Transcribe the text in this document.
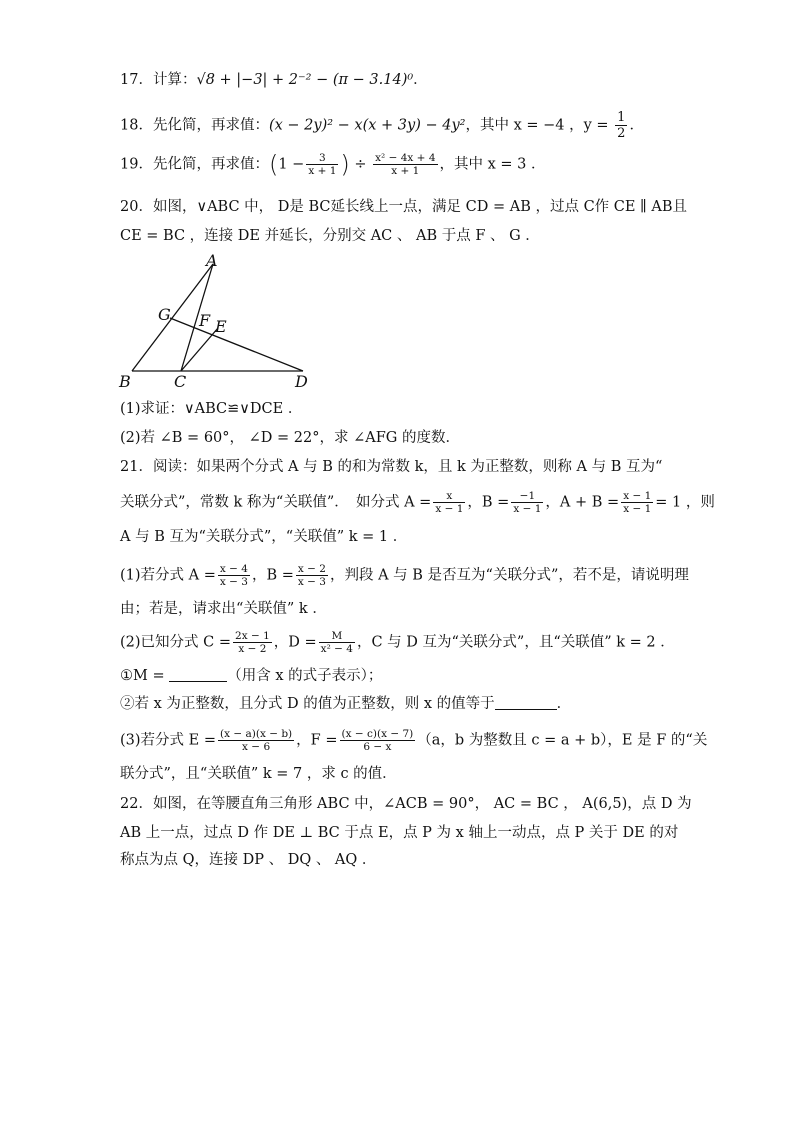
17．计算：√8 + |−3| + 2⁻² − (π − 3.14)⁰．
18．先化简，再求值：(x − 2y)² − x(x + 3y) − 4y²，其中 x = −4 ，$y = \frac{1}{2}$ ．
19．先化简，再求值：($1 - \frac{3}{x + 1}$ ) ÷ $\frac{\text{x² − 4x + 4}}{x + 1}$ ，其中 x = 3 ．
20．如图，∨ABC 中， D是 BC延长线上一点，满足 CD = AB ，过点 C作 CE ∥ AB且
CE = BC ，连接 DE 并延长，分别交 AC 、 AB 于点 F 、 G ．
A
G F E
B	C	D
(1)求证：∨ABC≌∨DCE ．
(2)若 ∠B = 60°， ∠D = 22°，求 ∠AFG 的度数．
21．阅读：如果两个分式 A 与 B 的和为常数 k，且 k 为正整数，则称 A 与 B 互为“
关联分式”，常数 k 称为“关联值”．　如分式 $A = \frac{x}{x - 1}$ ，$B = \frac{-1}{x - 1}$ ，$A + B = \frac{x - 1}{x - 1} = 1$ ，则
A 与 B 互为“关联分式”，“关联值” k = 1 ．
(1)若分式 $A = \frac{x - 4}{x - 3}$ ，$B = \frac{x - 2}{x - 3}$ ，判段 A 与 B 是否互为“关联分式”，若不是，请说明理
由；若是，请求出“关联值” k ．
(2)已知分式 $C = \frac{2x - 1}{x - 2}$ ，$D = \frac{M}{\text{x² − 4}}$ ，C 与 D 互为“关联分式”，且“关联值” k = 2 ．
①M =	（用含 x 的式子表示）；
②若 x 为正整数，且分式 D 的值为正整数，则 x 的值等于	．
(3)若分式 $E = \frac{(x - a)(x - b)}{x - 6}$ ，$F = \frac{(x - c)(x - 7)}{6 - x} (a$，b 为整数且 c = a + b），E 是 F 的“关
联分式”，且“关联值” k = 7 ，求 c 的值．
22．如图，在等腰直角三角形 ABC 中，∠ACB = 90°， AC = BC ， A(6,5)，点 D 为
AB 上一点，过点 D 作 DE ⊥ BC 于点 E，点 P 为 x 轴上一动点，点 P 关于 DE 的对
称点为点 Q，连接 DP 、 DQ 、 AQ ．
